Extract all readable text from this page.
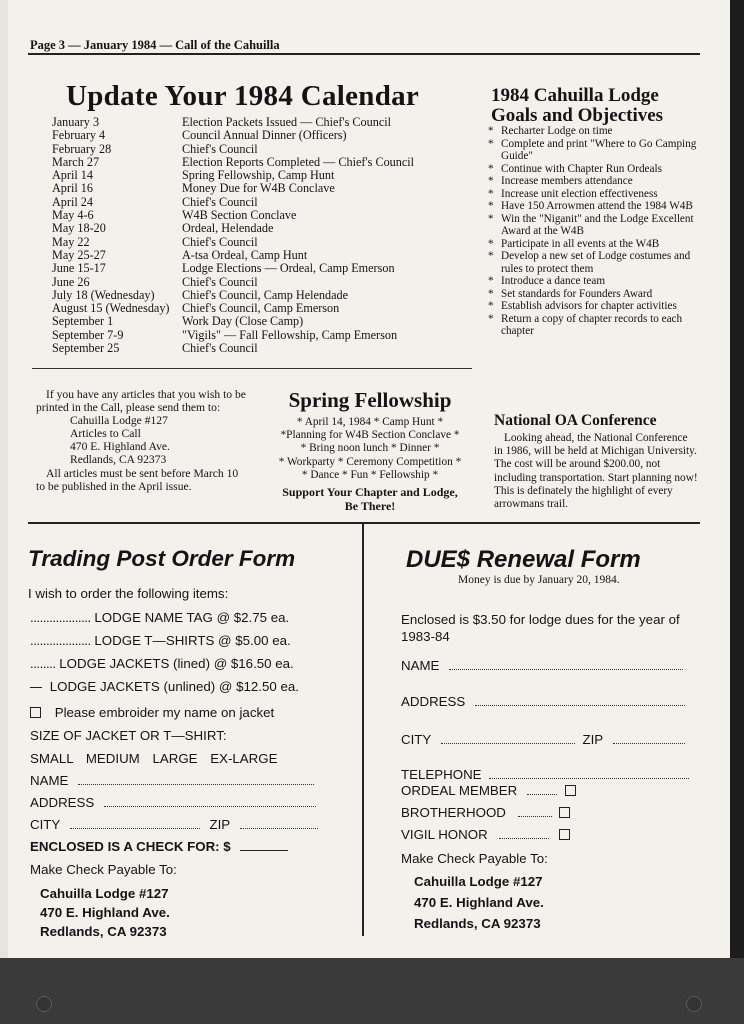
Page 3 — January 1984 — Call of the Cahuilla
Update Your 1984 Calendar
January 3	Election Packets Issued — Chief's Council
February 4	Council Annual Dinner (Officers)
February 28	Chief's Council
March 27	Election Reports Completed — Chief's Council
April 14	Spring Fellowship, Camp Hunt
April 16	Money Due for W4B Conclave
April 24	Chief's Council
May 4-6	W4B Section Conclave
May 18-20	Ordeal, Helendade
May 22	Chief's Council
May 25-27	A-tsa Ordeal, Camp Hunt
June 15-17	Lodge Elections — Ordeal, Camp Emerson
June 26	Chief's Council
July 18 (Wednesday)	Chief's Council, Camp Helendade
August 15 (Wednesday)	Chief's Council, Camp Emerson
September 1	Work Day (Close Camp)
September 7-9	"Vigils" — Fall Fellowship, Camp Emerson
September 25	Chief's Council
1984 Cahuilla Lodge
Goals and Objectives
* Recharter Lodge on time
* Complete and print "Where to Go Camping Guide"
* Continue with Chapter Run Ordeals
* Increase members attendance
* Increase unit election effectiveness
* Have 150 Arrowmen attend the 1984 W4B
* Win the "Niganit" and the Lodge Excellent Award at the W4B
* Participate in all events at the W4B
* Develop a new set of Lodge costumes and rules to protect them
* Introduce a dance team
* Set standards for Founders Award
* Establish advisors for chapter activities
* Return a copy of chapter records to each chapter

If you have any articles that you wish to be printed in the Call, please send them to:

Cahuilla Lodge #127
Articles to Call
470 E. Highland Ave.
Redlands, CA 92373

All articles must be sent before March 10 to be published in the April issue.

Spring Fellowship
* April 14, 1984 * Camp Hunt *
*Planning for W4B Section Conclave *
* Bring noon lunch * Dinner *
* Workparty * Ceremony Competition *
* Dance * Fun * Fellowship *
Support Your Chapter and Lodge,
Be There!
National OA Conference
Looking ahead, the National Conference in 1986, will be held at Michigan University. The cost will be around $200.00, not including transportation. Start planning now! This is definately the highlight of every arrowmans trail.
Trading Post Order Form
I wish to order the following items:
................... LODGE NAME TAG @ $2.75 ea.
................... LODGE T—SHIRTS @ $5.00 ea.
........ LODGE JACKETS (lined) @ $16.50 ea.
LODGE JACKETS (unlined) @ $12.50 ea.
Please embroider my name on jacket
SIZE OF JACKET OR T—SHIRT:
SMALL MEDIUM LARGE EX-LARGE
NAME
ADDRESS
CITY	ZIP
ENCLOSED IS A CHECK FOR: $
Make Check Payable To:
Cahuilla Lodge #127
470 E. Highland Ave.
Redlands, CA 92373
DUE$ Renewal Form
Money is due by January 20, 1984.
Enclosed is $3.50 for lodge dues for the year of 1983-84
NAME
ADDRESS
CITY	ZIP
TELEPHONE
ORDEAL MEMBER
BROTHERHOOD
VIGIL HONOR
Make Check Payable To:
Cahuilla Lodge #127
470 E. Highland Ave.
Redlands, CA 92373
